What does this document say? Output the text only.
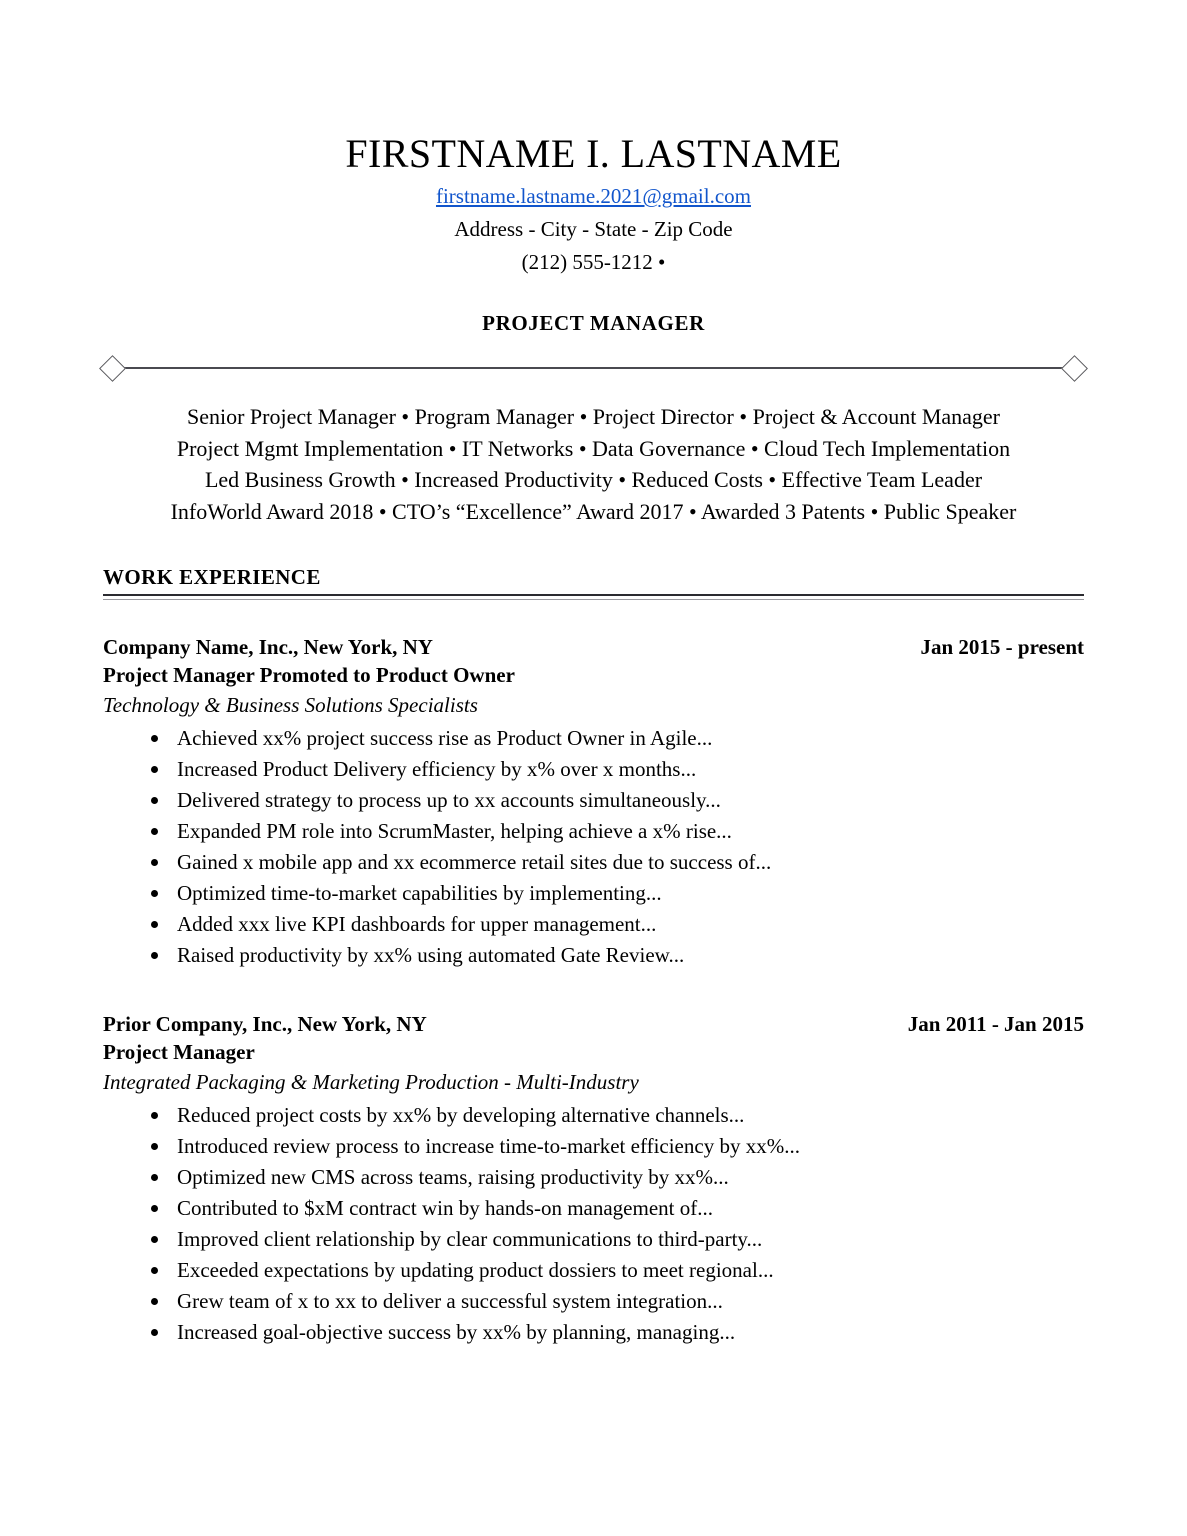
FIRSTNAME I. LASTNAME
firstname.lastname.2021@gmail.com
Address - City - State - Zip Code
(212) 555-1212 •
PROJECT MANAGER
Senior Project Manager • Program Manager • Project Director • Project & Account Manager
Project Mgmt Implementation • IT Networks • Data Governance • Cloud Tech Implementation
Led Business Growth • Increased Productivity • Reduced Costs • Effective Team Leader
InfoWorld Award 2018 • CTO’s “Excellence” Award 2017 • Awarded 3 Patents • Public Speaker
WORK EXPERIENCE
Company Name, Inc., New York, NY	Jan 2015 - present
Project Manager Promoted to Product Owner
Technology & Business Solutions Specialists
Achieved xx% project success rise as Product Owner in Agile...
Increased Product Delivery efficiency by x% over x months...
Delivered strategy to process up to xx accounts simultaneously...
Expanded PM role into ScrumMaster, helping achieve a x% rise...
Gained x mobile app and xx ecommerce retail sites due to success of...
Optimized time-to-market capabilities by implementing...
Added xxx live KPI dashboards for upper management...
Raised productivity by xx% using automated Gate Review...
Prior Company, Inc., New York, NY	Jan 2011 - Jan 2015
Project Manager
Integrated Packaging & Marketing Production - Multi-Industry
Reduced project costs by xx% by developing alternative channels...
Introduced review process to increase time-to-market efficiency by xx%...
Optimized new CMS across teams, raising productivity by xx%...
Contributed to $xM contract win by hands-on management of...
Improved client relationship by clear communications to third-party...
Exceeded expectations by updating product dossiers to meet regional...
Grew team of x to xx to deliver a successful system integration...
Increased goal-objective success by xx% by planning, managing...
